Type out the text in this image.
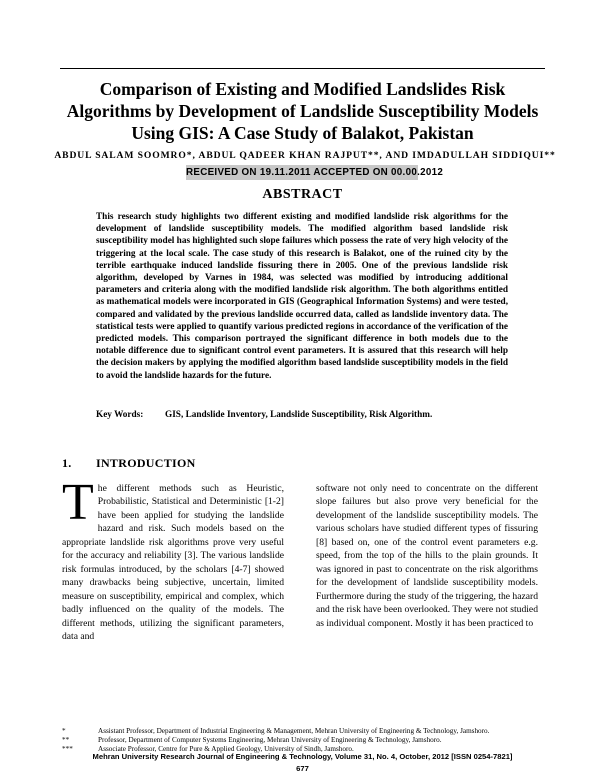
Comparison of Existing and Modified Landslides Risk Algorithms by Development of Landslide Susceptibility Models Using GIS: A Case Study of Balakot, Pakistan
ABDUL SALAM SOOMRO*, ABDUL QADEER KHAN RAJPUT**, AND IMDADULLAH SIDDIQUI**
RECEIVED ON 19.11.2011 ACCEPTED ON 00.00.2012
ABSTRACT

This research study highlights two different existing and modified landslide risk algorithms for the development of landslide susceptibility models. The modified algorithm based landslide risk susceptibility model has highlighted such slope failures which possess the rate of very high velocity of the triggering at the local scale. The case study of this research is Balakot, one of the ruined city by the terrible earthquake induced landslide fissuring there in 2005. One of the previous landslide risk algorithm, developed by Varnes in 1984, was selected was modified by introducing additional parameters and criteria along with the modified landslide risk algorithm. The both algorithms entitled as mathematical models were incorporated in GIS (Geographical Information Systems) and were tested, compared and validated by the previous landslide occurred data, called as landslide inventory data. The statistical tests were applied to quantify various predicted regions in accordance of the verification of the predicted models. This comparison portrayed the significant difference in both models due to the notable difference due to significant control event parameters. It is assured that this research will help the decision makers by applying the modified algorithm based landslide susceptibility models in the field to avoid the landslide hazards for the future.

Key Words: GIS, Landslide Inventory, Landslide Susceptibility, Risk Algorithm.
1. INTRODUCTION

The different methods such as Heuristic, Probabilistic, Statistical and Deterministic [1-2] have been applied for studying the landslide hazard and risk. Such models based on the appropriate landslide risk algorithms prove very useful for the accuracy and reliability [3]. The various landslide risk formulas introduced, by the scholars [4-7] showed many drawbacks being subjective, uncertain, limited measure on susceptibility, empirical and complex, which badly influenced on the quality of the models. The different methods, utilizing the significant parameters, data and

software not only need to concentrate on the different slope failures but also prove very beneficial for the development of the landslide susceptibility models. The various scholars have studied different types of fissuring [8] based on, one of the control event parameters e.g. speed, from the top of the hills to the plain grounds. It was ignored in past to concentrate on the risk algorithms for the development of landslide susceptibility models. Furthermore during the study of the triggering, the hazard and the risk have been overlooked. They were not studied as individual component. Mostly it has been practiced to

*	Assistant Professor, Department of Industrial Engineering & Management, Mehran University of Engineering & Technology, Jamshoro.
**	Professor, Department of Computer Systems Engineering, Mehran University of Engineering & Technology, Jamshoro.
***	Associate Professor, Centre for Pure & Applied Geology, University of Sindh, Jamshoro.
Mehran University Research Journal of Engineering & Technology, Volume 31, No. 4, October, 2012 [ISSN 0254-7821]
677
